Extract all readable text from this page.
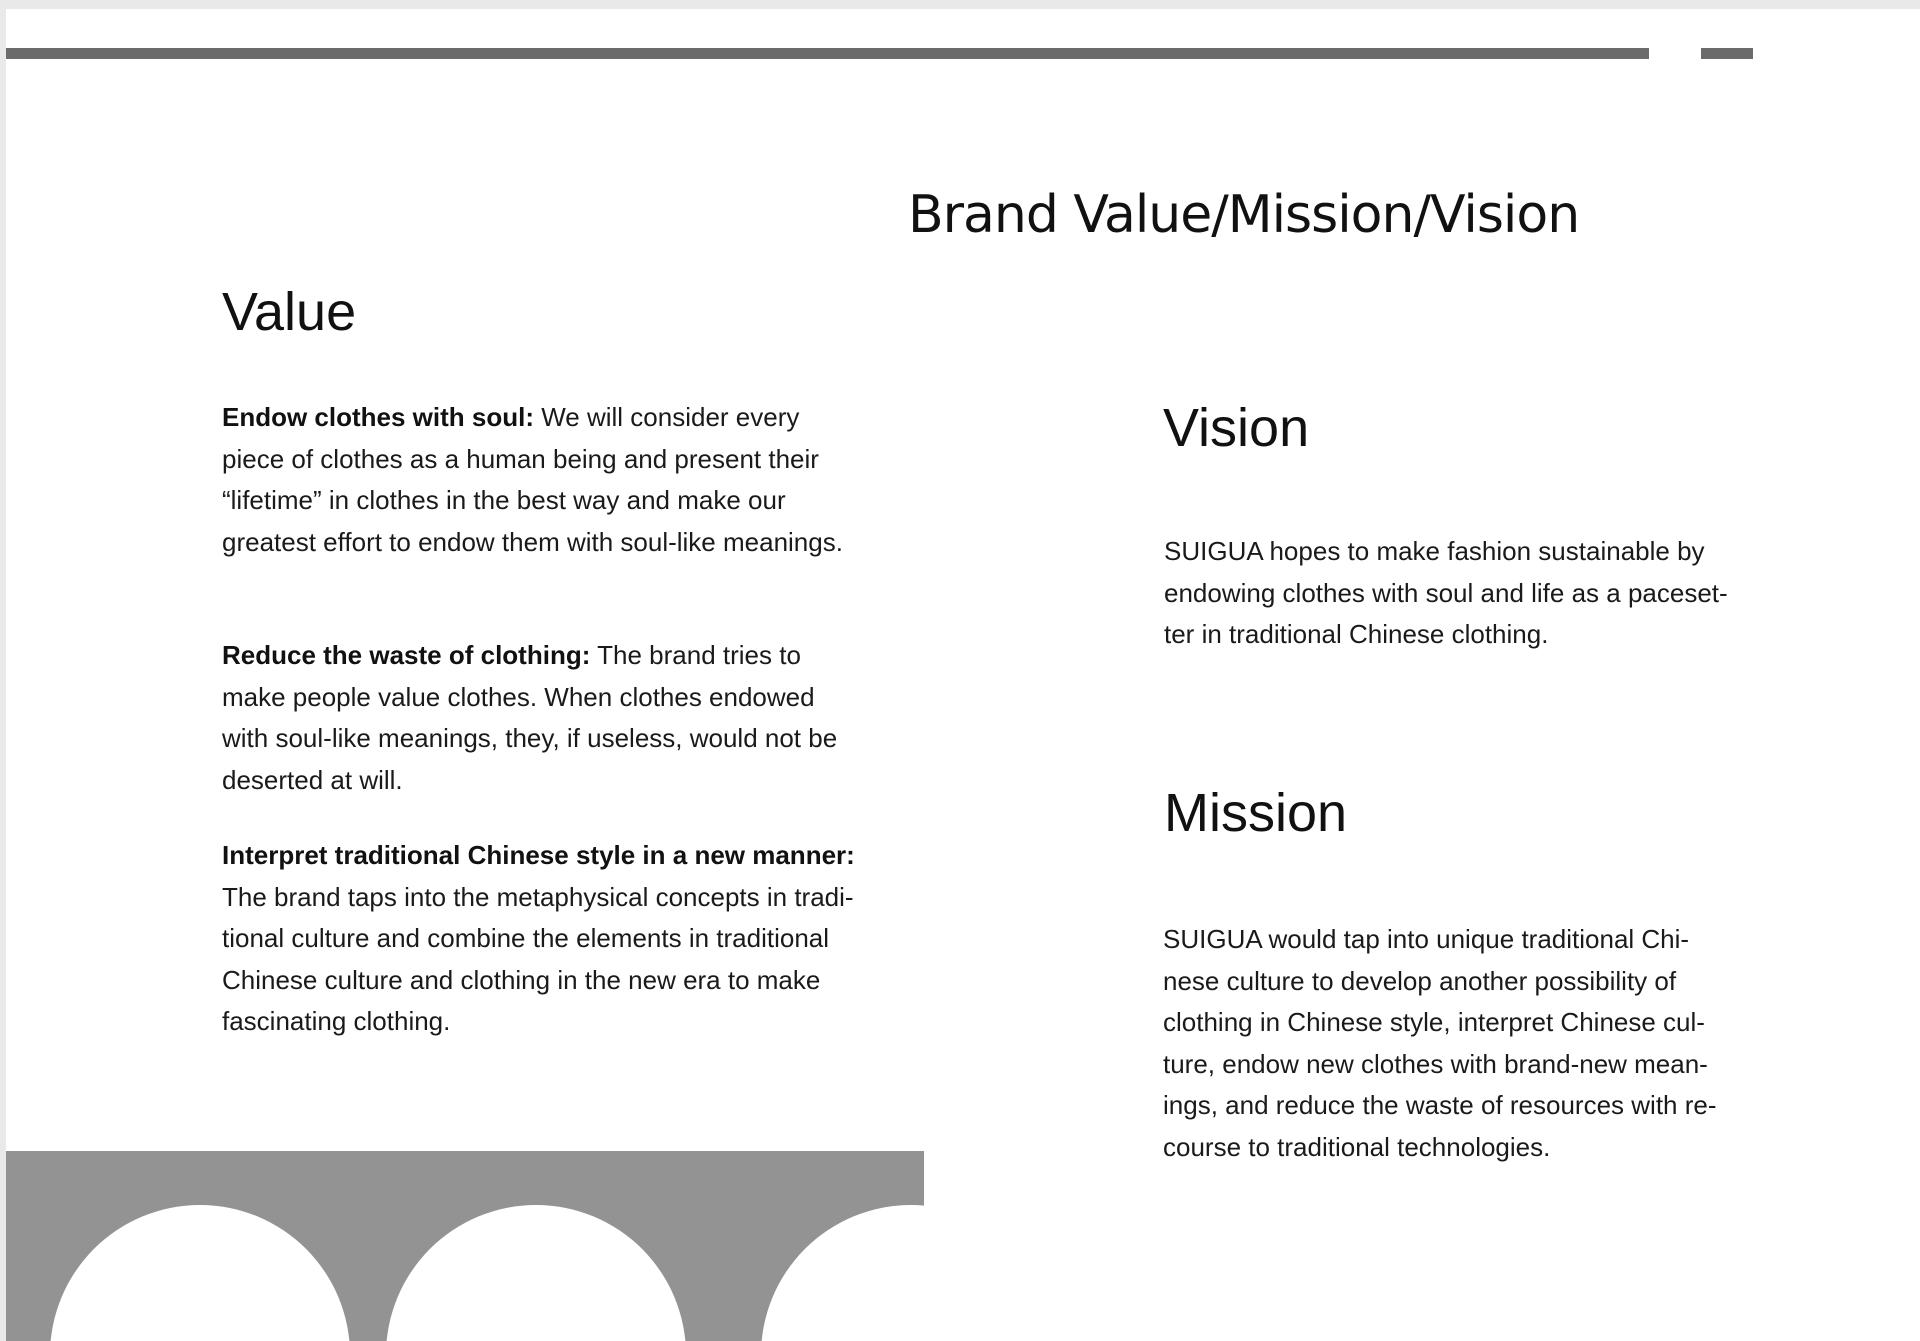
Brand Value/Mission/Vision
Value

Endow clothes with soul: We will consider every
piece of clothes as a human being and present their
“lifetime” in clothes in the best way and make our
greatest effort to endow them with soul-like meanings.

Reduce the waste of clothing: The brand tries to
make people value clothes. When clothes endowed
with soul-like meanings, they, if useless, would not be
deserted at will.

Interpret traditional Chinese style in a new manner:
The brand taps into the metaphysical concepts in tradi-
tional culture and combine the elements in traditional
Chinese culture and clothing in the new era to make
fascinating clothing.

Vision

SUIGUA hopes to make fashion sustainable by
endowing clothes with soul and life as a paceset-
ter in traditional Chinese clothing.

Mission

SUIGUA would tap into unique traditional Chi-
nese culture to develop another possibility of
clothing in Chinese style, interpret Chinese cul-
ture, endow new clothes with brand-new mean-
ings, and reduce the waste of resources with re-
course to traditional technologies.
